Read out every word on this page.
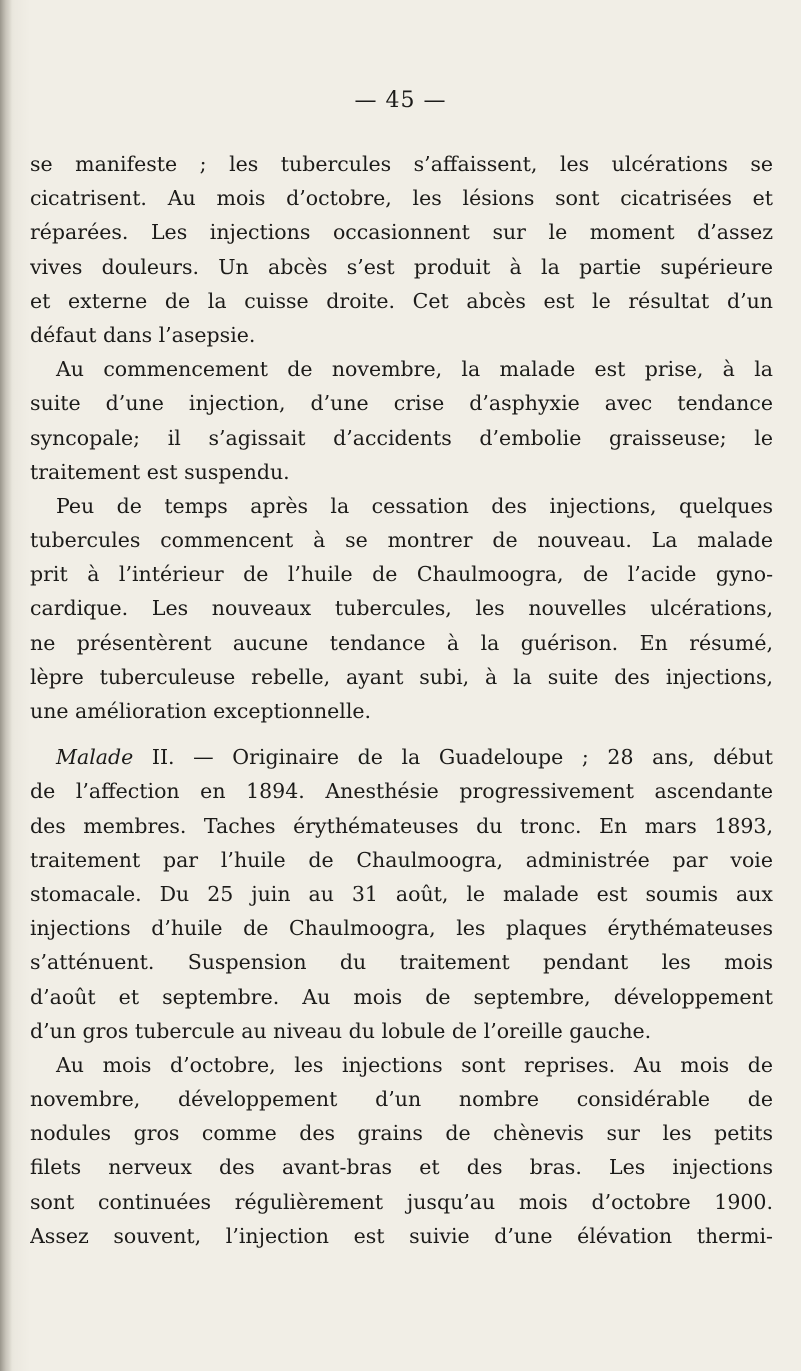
— 45 —
se manifeste ; les tubercules s’affaissent, les ulcérations se
cicatrisent. Au mois d’octobre, les lésions sont cicatrisées et
réparées. Les injections occasionnent sur le moment d’assez
vives douleurs. Un abcès s’est produit à la partie supérieure
et externe de la cuisse droite. Cet abcès est le résultat d’un
défaut dans l’asepsie.
Au commencement de novembre, la malade est prise, à la
suite d’une injection, d’une crise d’asphyxie avec tendance
syncopale; il s’agissait d’accidents d’embolie graisseuse; le
traitement est suspendu.
Peu de temps après la cessation des injections, quelques
tubercules commencent à se montrer de nouveau. La malade
prit à l’intérieur de l’huile de Chaulmoogra, de l’acide gyno-
cardique. Les nouveaux tubercules, les nouvelles ulcérations,
ne présentèrent aucune tendance à la guérison. En résumé,
lèpre tuberculeuse rebelle, ayant subi, à la suite des injections,
une amélioration exceptionnelle.
Malade II. — Originaire de la Guadeloupe ; 28 ans, début
de l’affection en 1894. Anesthésie progressivement ascendante
des membres. Taches érythémateuses du tronc. En mars 1893,
traitement par l’huile de Chaulmoogra, administrée par voie
stomacale. Du 25 juin au 31 août, le malade est soumis aux
injections d’huile de Chaulmoogra, les plaques érythémateuses
s’atténuent. Suspension du traitement pendant les mois
d’août et septembre. Au mois de septembre, développement
d’un gros tubercule au niveau du lobule de l’oreille gauche.
Au mois d’octobre, les injections sont reprises. Au mois de
novembre, développement d’un nombre considérable de
nodules gros comme des grains de chènevis sur les petits
filets nerveux des avant-bras et des bras. Les injections
sont continuées régulièrement jusqu’au mois d’octobre 1900.
Assez souvent, l’injection est suivie d’une élévation thermi-
